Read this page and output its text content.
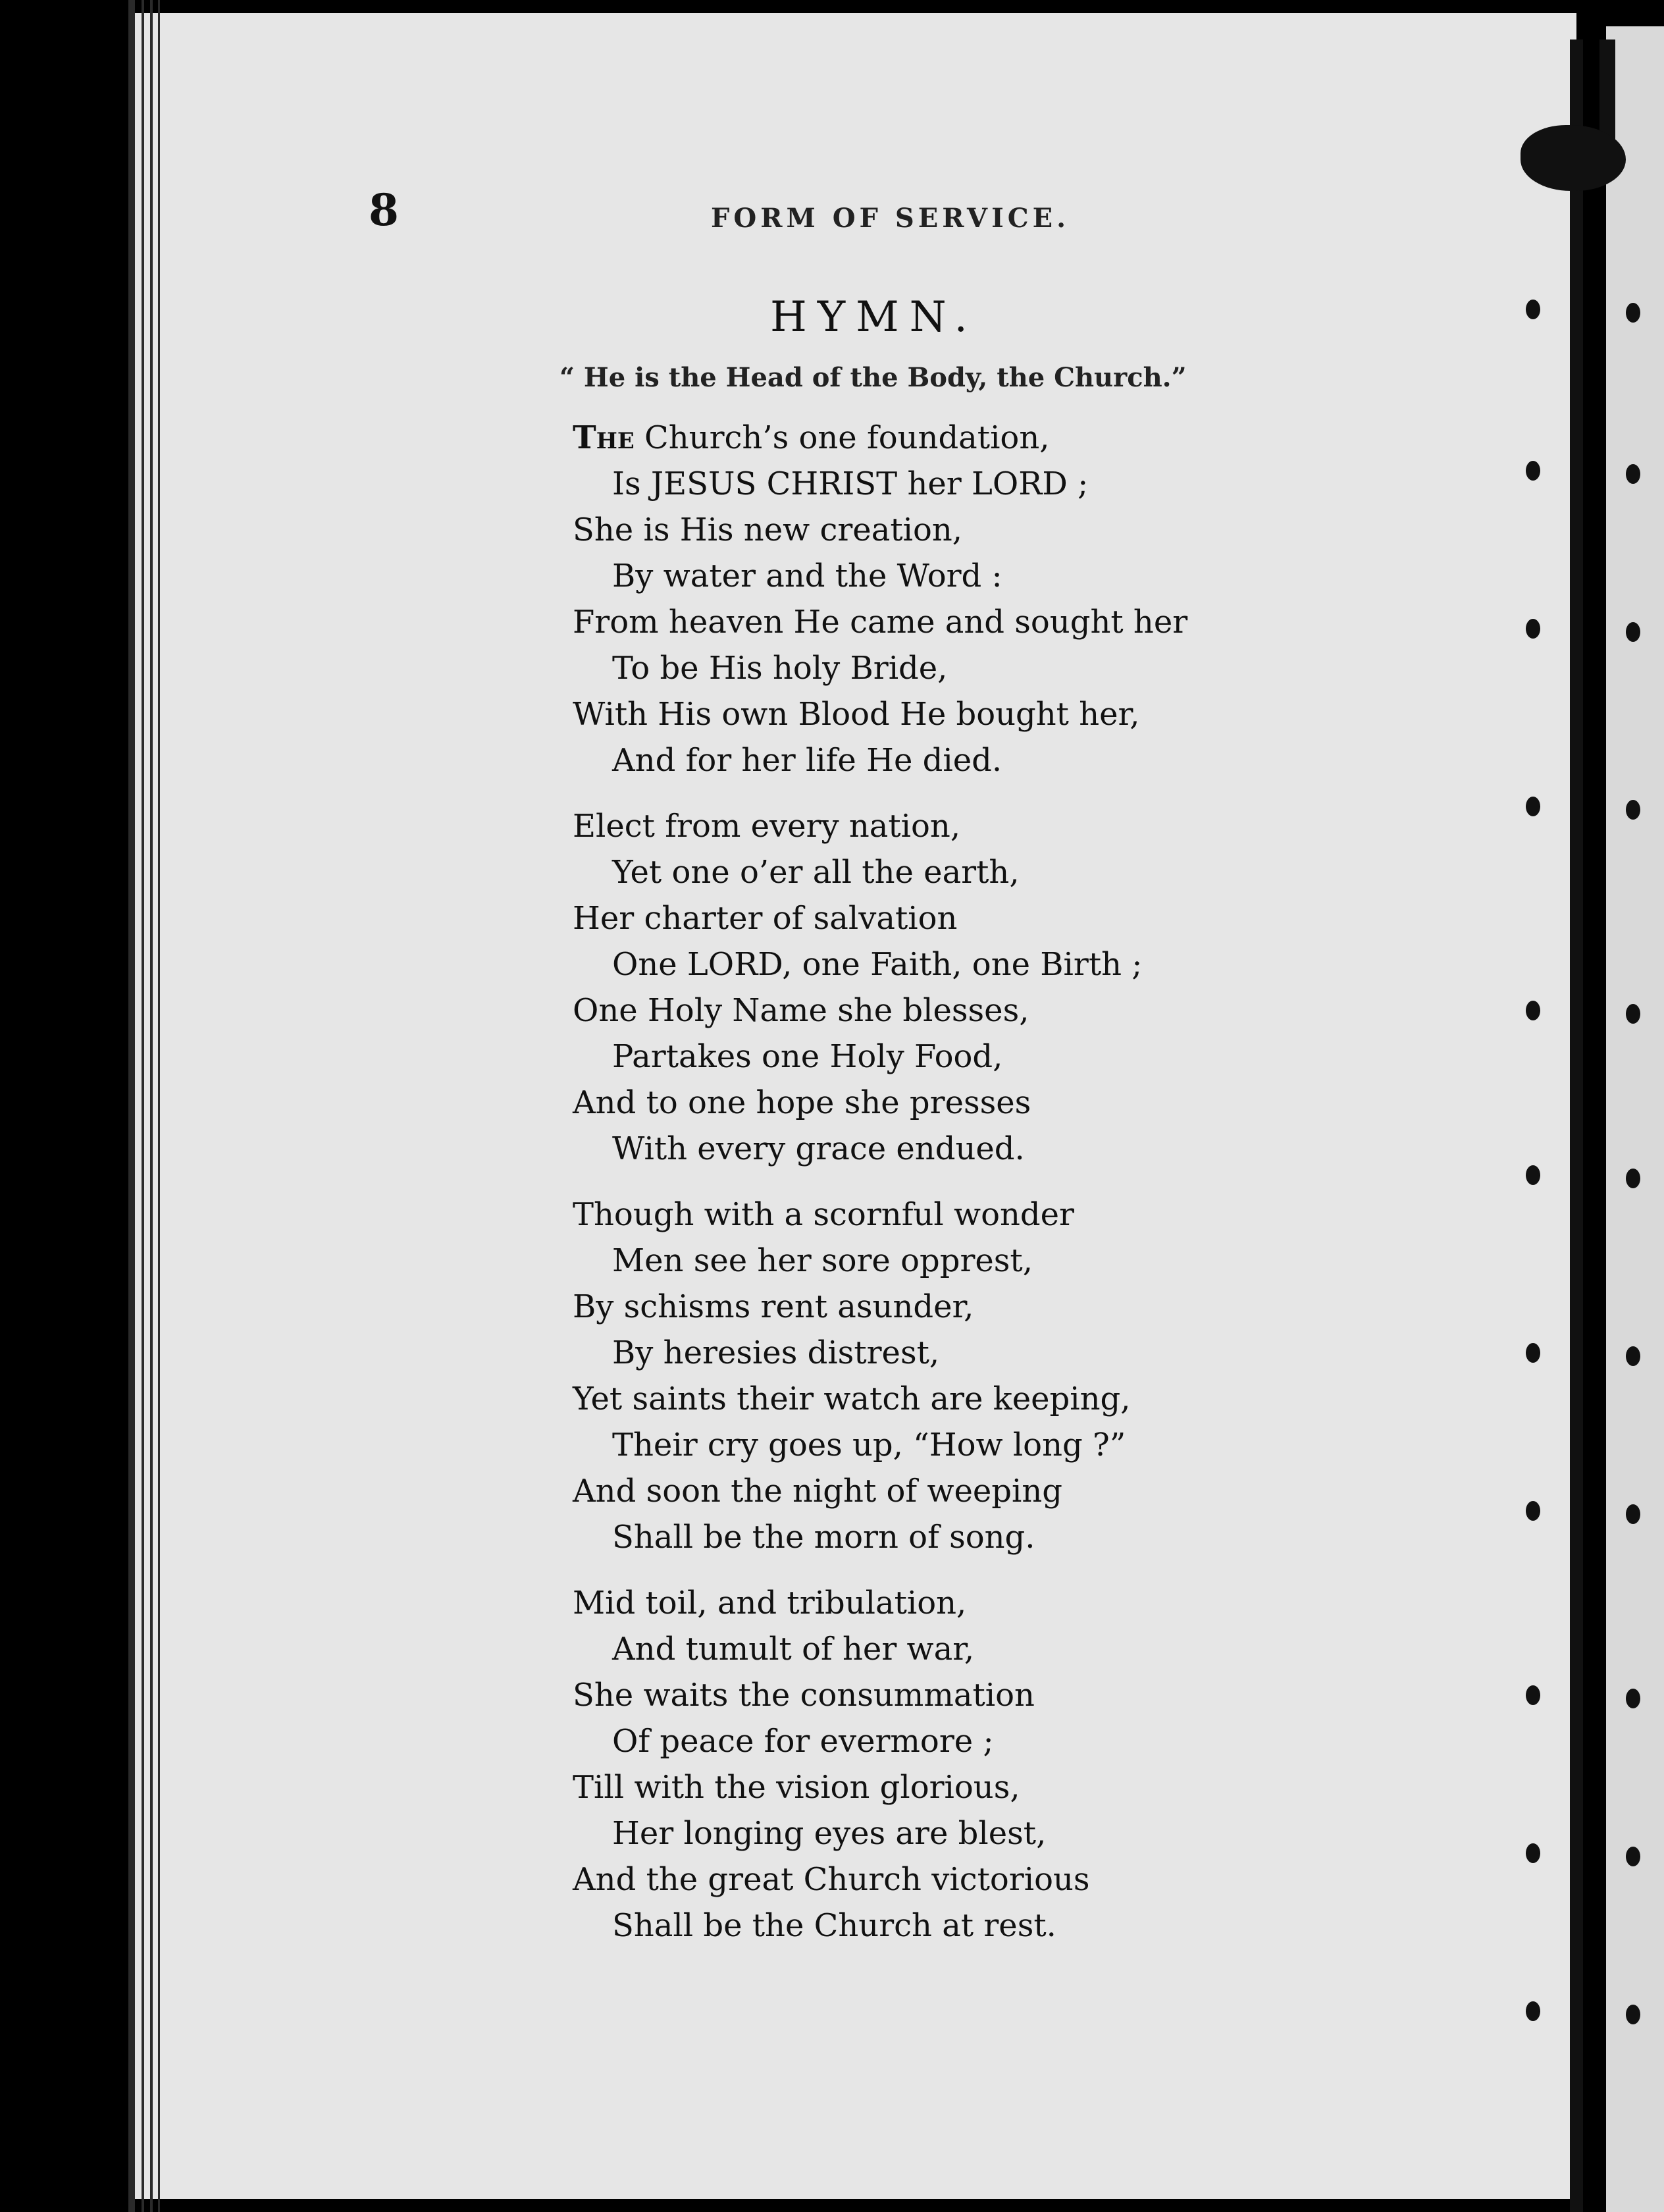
8	FORM OF SERVICE.
HYMN.
“ He is the Head of the Body, the Church.”
The Church’s one foundation,
Is JESUS CHRIST her LORD ;
She is His new creation,
By water and the Word :
From heaven He came and sought her
To be His holy Bride,
With His own Blood He bought her,
And for her life He died.
Elect from every nation,
Yet one o’er all the earth,
Her charter of salvation
One LORD, one Faith, one Birth ;
One Holy Name she blesses,
Partakes one Holy Food,
And to one hope she presses
With every grace endued.
Though with a scornful wonder
Men see her sore opprest,
By schisms rent asunder,
By heresies distrest,
Yet saints their watch are keeping,
Their cry goes up, “How long ?”
And soon the night of weeping
Shall be the morn of song.
Mid toil, and tribulation,
And tumult of her war,
She waits the consummation
Of peace for evermore ;
Till with the vision glorious,
Her longing eyes are blest,
And the great Church victorious
Shall be the Church at rest.
